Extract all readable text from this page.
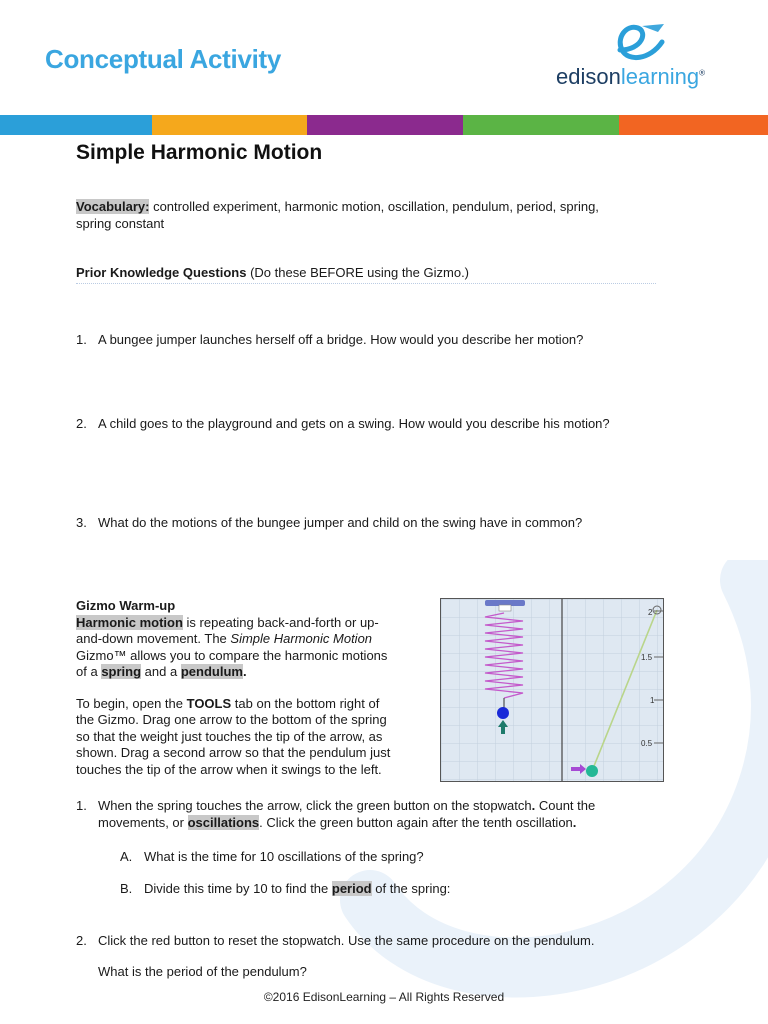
Conceptual Activity
edisonlearning®
Simple Harmonic Motion
Vocabulary: controlled experiment, harmonic motion, oscillation, pendulum, period, spring,
spring constant
Prior Knowledge Questions (Do these BEFORE using the Gizmo.)
1. A bungee jumper launches herself off a bridge. How would you describe her motion?
2. A child goes to the playground and gets on a swing. How would you describe his motion?
3. What do the motions of the bungee jumper and child on the swing have in common?
Gizmo Warm-up
Harmonic motion is repeating back-and-forth or up-
and-down movement. The Simple Harmonic Motion
Gizmo™ allows you to compare the harmonic motions
of a spring and a pendulum.
To begin, open the TOOLS tab on the bottom right of
the Gizmo. Drag one arrow to the bottom of the spring
so that the weight just touches the tip of the arrow, as
shown. Drag a second arrow so that the pendulum just
touches the tip of the arrow when it swings to the left.
2
1.5
1
0.5
1. When the spring touches the arrow, click the green button on the stopwatch. Count the
movements, or oscillations. Click the green button again after the tenth oscillation.
A. What is the time for 10 oscillations of the spring?
B. Divide this time by 10 to find the period of the spring:
2. Click the red button to reset the stopwatch. Use the same procedure on the pendulum.
What is the period of the pendulum?
©2016 EdisonLearning – All Rights Reserved
